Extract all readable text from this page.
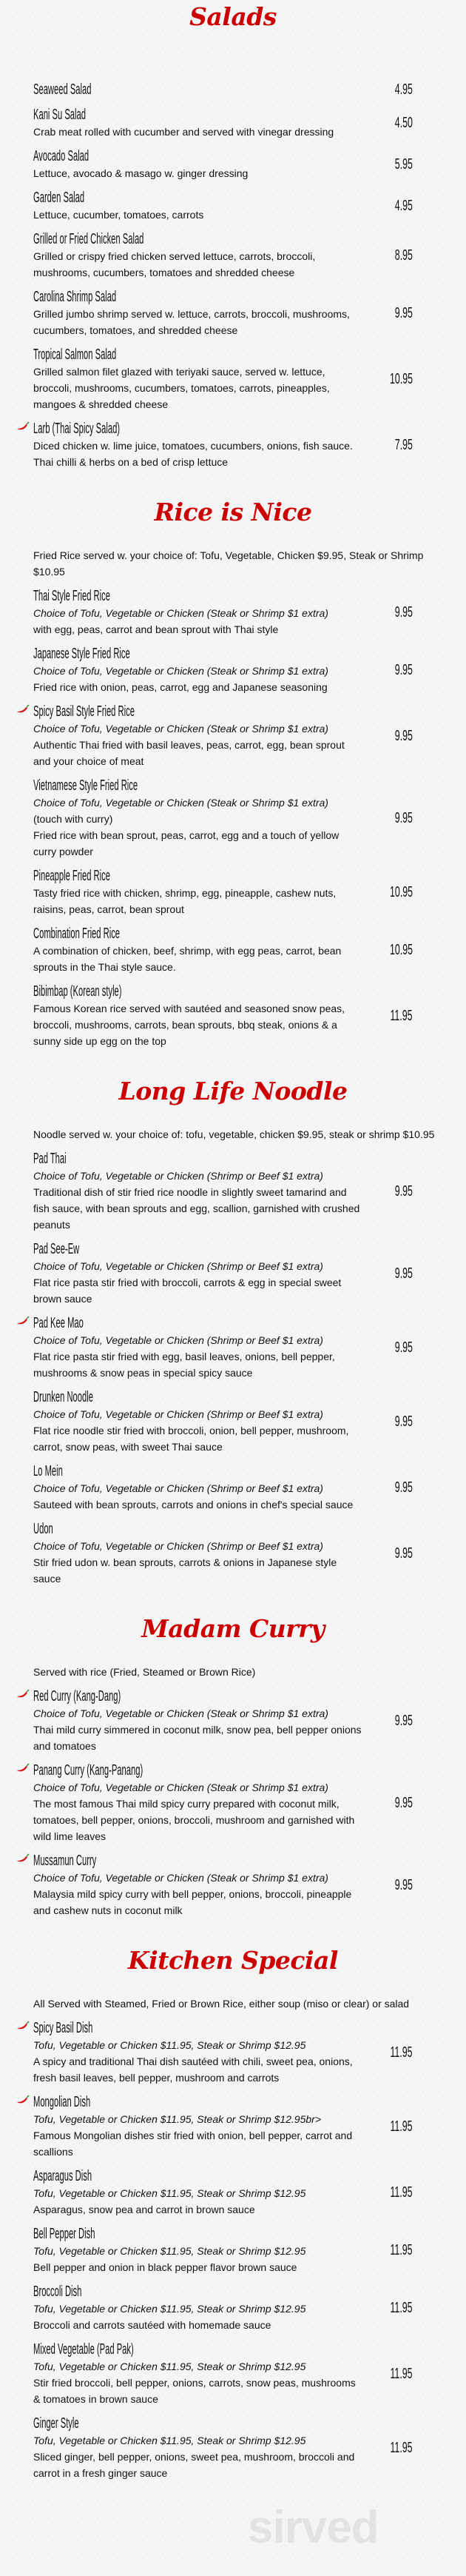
Salads
Seaweed Salad	4.95
Kani Su Salad
Crab meat rolled with cucumber and served with vinegar dressing
4.50
Avocado Salad
Lettuce, avocado & masago w. ginger dressing
5.95
Garden Salad
Lettuce, cucumber, tomatoes, carrots
4.95
Grilled or Fried Chicken Salad
Grilled or crispy fried chicken served lettuce, carrots, broccoli, mushrooms, cucumbers, tomatoes and shredded cheese
8.95
Carolina Shrimp Salad
Grilled jumbo shrimp served w. lettuce, carrots, broccoli, mushrooms, cucumbers, tomatoes, and shredded cheese
9.95
Tropical Salmon Salad
Grilled salmon filet glazed with teriyaki sauce, served w. lettuce, broccoli, mushrooms, cucumbers, tomatoes, carrots, pineapples, mangoes & shredded cheese
10.95
Larb (Thai Spicy Salad)
Diced chicken w. lime juice, tomatoes, cucumbers, onions, fish sauce. Thai chilli & herbs on a bed of crisp lettuce
7.95
Rice is Nice
Fried Rice served w. your choice of: Tofu, Vegetable, Chicken $9.95, Steak or Shrimp $10.95
Thai Style Fried Rice
Choice of Tofu, Vegetable or Chicken (Steak or Shrimp $1 extra)
with egg, peas, carrot and bean sprout with Thai style
9.95
Japanese Style Fried Rice
Choice of Tofu, Vegetable or Chicken (Steak or Shrimp $1 extra)
Fried rice with onion, peas, carrot, egg and Japanese seasoning
9.95
Spicy Basil Style Fried Rice
Choice of Tofu, Vegetable or Chicken (Steak or Shrimp $1 extra)
Authentic Thai fried with basil leaves, peas, carrot, egg, bean sprout and your choice of meat
9.95
Vietnamese Style Fried Rice
Choice of Tofu, Vegetable or Chicken (Steak or Shrimp $1 extra)
(touch with curry)
Fried rice with bean sprout, peas, carrot, egg and a touch of yellow curry powder
9.95
Pineapple Fried Rice
Tasty fried rice with chicken, shrimp, egg, pineapple, cashew nuts, raisins, peas, carrot, bean sprout
10.95
Combination Fried Rice
A combination of chicken, beef, shrimp, with egg peas, carrot, bean sprouts in the Thai style sauce.
10.95
Bibimbap (Korean style)
Famous Korean rice served with sautéed and seasoned snow peas, broccoli, mushrooms, carrots, bean sprouts, bbq steak, onions & a sunny side up egg on the top
11.95
Long Life Noodle
Noodle served w. your choice of: tofu, vegetable, chicken $9.95, steak or shrimp $10.95
Pad Thai
Choice of Tofu, Vegetable or Chicken (Shrimp or Beef $1 extra)
Traditional dish of stir fried rice noodle in slightly sweet tamarind and fish sauce, with bean sprouts and egg, scallion, garnished with crushed peanuts
9.95
Pad See-Ew
Choice of Tofu, Vegetable or Chicken (Shrimp or Beef $1 extra)
Flat rice pasta stir fried with broccoli, carrots & egg in special sweet brown sauce
9.95
Pad Kee Mao
Choice of Tofu, Vegetable or Chicken (Shrimp or Beef $1 extra)
Flat rice pasta stir fried with egg, basil leaves, onions, bell pepper, mushrooms & snow peas in special spicy sauce
9.95
Drunken Noodle
Choice of Tofu, Vegetable or Chicken (Shrimp or Beef $1 extra)
Flat rice noodle stir fried with broccoli, onion, bell pepper, mushroom, carrot, snow peas, with sweet Thai sauce
9.95
Lo Mein
Choice of Tofu, Vegetable or Chicken (Shrimp or Beef $1 extra)
Sauteed with bean sprouts, carrots and onions in chef's special sauce
9.95
Udon
Choice of Tofu, Vegetable or Chicken (Shrimp or Beef $1 extra)
Stir fried udon w. bean sprouts, carrots & onions in Japanese style sauce
9.95
Madam Curry
Served with rice (Fried, Steamed or Brown Rice)
Red Curry (Kang-Dang)
Choice of Tofu, Vegetable or Chicken (Steak or Shrimp $1 extra)
Thai mild curry simmered in coconut milk, snow pea, bell pepper onions and tomatoes
9.95
Panang Curry (Kang-Panang)
Choice of Tofu, Vegetable or Chicken (Steak or Shrimp $1 extra)
The most famous Thai mild spicy curry prepared with coconut milk, tomatoes, bell pepper, onions, broccoli, mushroom and garnished with wild lime leaves
9.95
Mussamun Curry
Choice of Tofu, Vegetable or Chicken (Steak or Shrimp $1 extra)
Malaysia mild spicy curry with bell pepper, onions, broccoli, pineapple and cashew nuts in coconut milk
9.95
Kitchen Special
All Served with Steamed, Fried or Brown Rice, either soup (miso or clear) or salad
Spicy Basil Dish
Tofu, Vegetable or Chicken $11.95, Steak or Shrimp $12.95
A spicy and traditional Thai dish sautéed with chili, sweet pea, onions, fresh basil leaves, bell pepper, mushroom and carrots
11.95
Mongolian Dish
Tofu, Vegetable or Chicken $11.95, Steak or Shrimp $12.95br>
Famous Mongolian dishes stir fried with onion, bell pepper, carrot and scallions
11.95
Asparagus Dish
Tofu, Vegetable or Chicken $11.95, Steak or Shrimp $12.95
Asparagus, snow pea and carrot in brown sauce
11.95
Bell Pepper Dish
Tofu, Vegetable or Chicken $11.95, Steak or Shrimp $12.95
Bell pepper and onion in black pepper flavor brown sauce
11.95
Broccoli Dish
Tofu, Vegetable or Chicken $11.95, Steak or Shrimp $12.95
Broccoli and carrots sautéed with homemade sauce
11.95
Mixed Vegetable (Pad Pak)
Tofu, Vegetable or Chicken $11.95, Steak or Shrimp $12.95
Stir fried broccoli, bell pepper, onions, carrots, snow peas, mushrooms & tomatoes in brown sauce
11.95
Ginger Style
Tofu, Vegetable or Chicken $11.95, Steak or Shrimp $12.95
Sliced ginger, bell pepper, onions, sweet pea, mushroom, broccoli and carrot in a fresh ginger sauce
11.95
sirved
